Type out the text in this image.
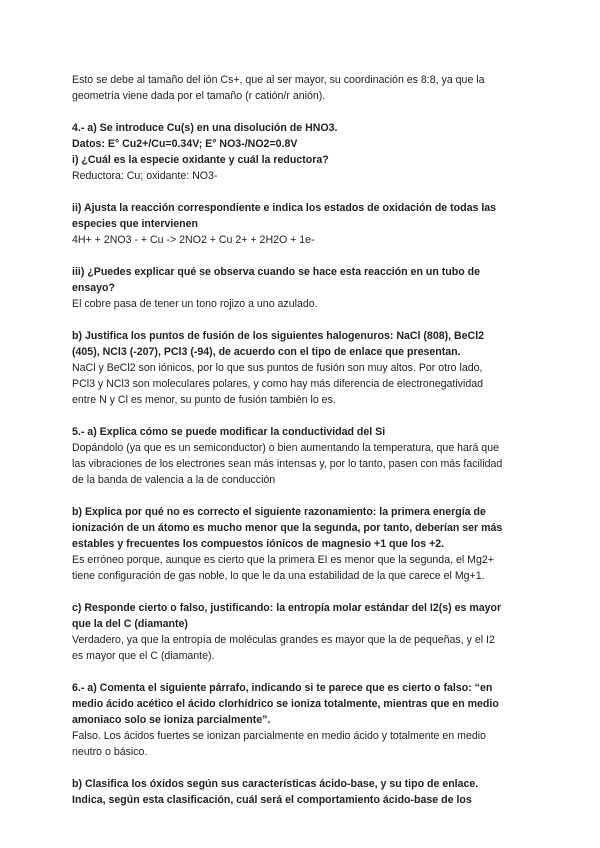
Esto se debe al tamaño del ión Cs+, que al ser mayor, su coordinación es 8:8, ya que la
geometría viene dada por el tamaño (r catión/r anión).
4.- a) Se introduce Cu(s) en una disolución de HNO3.
Datos: E° Cu2+/Cu=0.34V; E° NO3-/NO2=0.8V
i) ¿Cuál es la especie oxidante y cuál la reductora?
Reductora: Cu; oxidante: NO3-
ii) Ajusta la reacción correspondiente e indica los estados de oxidación de todas las
especies que intervienen
4H+ + 2NO3 - + Cu -> 2NO2 + Cu 2+ + 2H2O + 1e-
iii) ¿Puedes explicar qué se observa cuando se hace esta reacción en un tubo de
ensayo?
El cobre pasa de tener un tono rojizo a uno azulado.
b) Justifica los puntos de fusión de los siguientes halogenuros: NaCl (808), BeCl2
(405), NCl3 (-207), PCl3 (-94), de acuerdo con el tipo de enlace que presentan.
NaCl y BeCl2 son iónicos, por lo que sus puntos de fusión son muy altos. Por otro lado,
PCl3 y NCl3 son moleculares polares, y como hay más diferencia de electronegatividad
entre N y Cl es menor, su punto de fusión también lo es.
5.- a) Explica cómo se puede modificar la conductividad del Si
Dopándolo (ya que es un semiconductor) o bien aumentando la temperatura, que hará que
las vibraciones de los electrones sean más intensas y, por lo tanto, pasen con más facilidad
de la banda de valencia a la de conducción
b) Explica por qué no es correcto el siguiente razonamiento: la primera energía de
ionización de un átomo es mucho menor que la segunda, por tanto, deberían ser más
estables y frecuentes los compuestos iónicos de magnesio +1 que los +2.
Es erróneo porque, aunque es cierto que la primera EI es menor que la segunda, el Mg2+
tiene configuración de gas noble, lo que le da una estabilidad de la que carece el Mg+1.
c) Responde cierto o falso, justificando: la entropía molar estándar del I2(s) es mayor
que la del C (diamante)
Verdadero, ya que la entropía de moléculas grandes es mayor que la de pequeñas, y el I2
es mayor que el C (diamante).
6.- a) Comenta el siguiente párrafo, indicando si te parece que es cierto o falso: “en
medio ácido acético el ácido clorhídrico se ioniza totalmente, mientras que en medio
amoniaco solo se ioniza parcialmente”.
Falso. Los ácidos fuertes se ionizan parcialmente en medio ácido y totalmente en medio
neutro o básico.
b) Clasifica los óxidos según sus características ácido-base, y su tipo de enlace.
Indica, según esta clasificación, cuál será el comportamiento ácido-base de los
